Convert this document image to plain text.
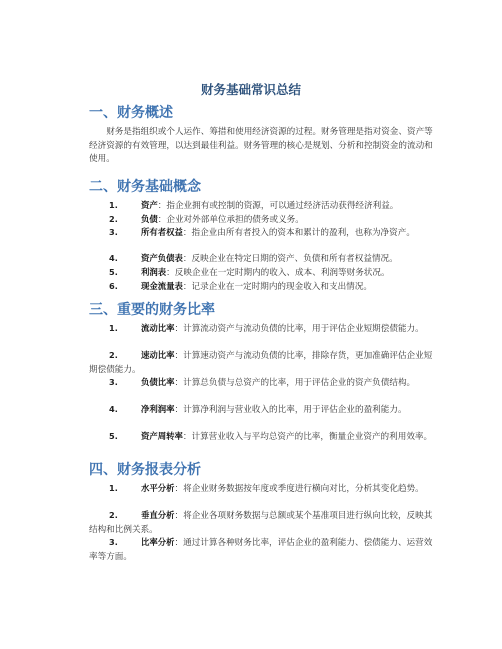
财务基础常识总结
一、财务概述
财务是指组织或个人运作、筹措和使用经济资源的过程。财务管理是指对资金、资产等经济资源的有效管理，以达到最佳利益。财务管理的核心是规划、分析和控制资金的流动和使用。
二、财务基础概念
1.	资产：指企业拥有或控制的资源，可以通过经济活动获得经济利益。
2.	负债：企业对外部单位承担的债务或义务。
3.	所有者权益：指企业由所有者投入的资本和累计的盈利，也称为净资产。
4.	资产负债表：反映企业在特定日期的资产、负债和所有者权益情况。
5.	利润表：反映企业在一定时期内的收入、成本、利润等财务状况。
6.	现金流量表：记录企业在一定时期内的现金收入和支出情况。
三、重要的财务比率
1.	流动比率：计算流动资产与流动负债的比率，用于评估企业短期偿债能力。
2.	速动比率：计算速动资产与流动负债的比率，排除存货，更加准确评估企业短期偿债能力。
3.	负债比率：计算总负债与总资产的比率，用于评估企业的资产负债结构。
4.	净利润率：计算净利润与营业收入的比率，用于评估企业的盈利能力。
5.	资产周转率：计算营业收入与平均总资产的比率，衡量企业资产的利用效率。
四、财务报表分析
1.	水平分析：将企业财务数据按年度或季度进行横向对比，分析其变化趋势。
2.	垂直分析：将企业各项财务数据与总额或某个基准项目进行纵向比较，反映其结构和比例关系。
3.	比率分析：通过计算各种财务比率，评估企业的盈利能力、偿债能力、运营效率等方面。
